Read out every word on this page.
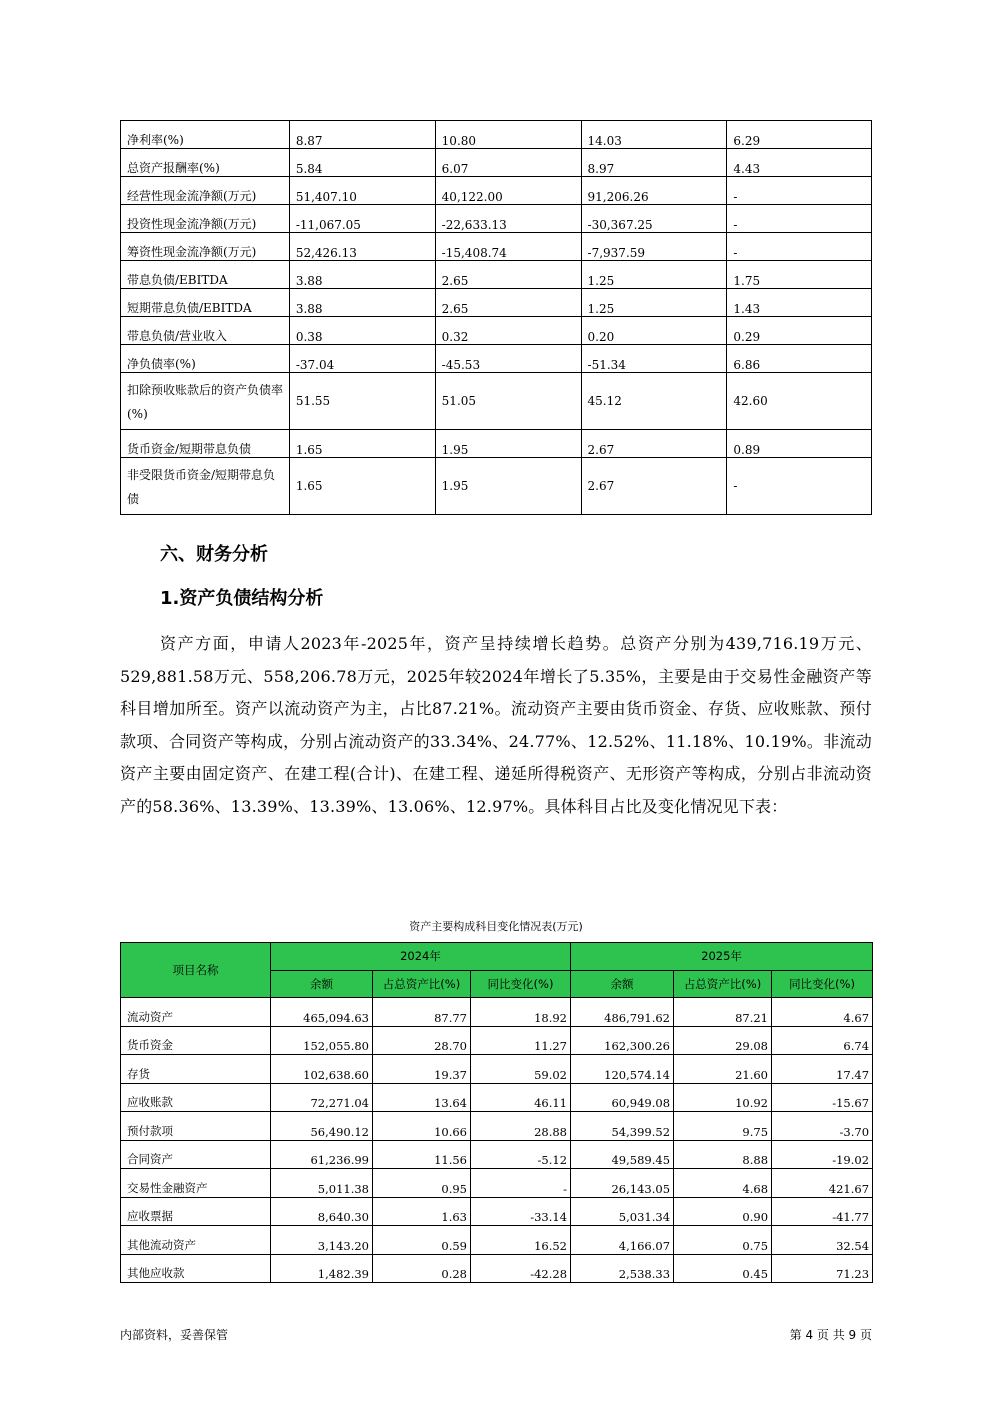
净利率(%)	8.87	10.80	14.03	6.29
总资产报酬率(%)	5.84	6.07	8.97	4.43
经营性现金流净额(万元)	51,407.10	40,122.00	91,206.26	-
投资性现金流净额(万元)	-11,067.05	-22,633.13	-30,367.25	-
筹资性现金流净额(万元)	52,426.13	-15,408.74	-7,937.59	-
带息负债/EBITDA	3.88	2.65	1.25	1.75
短期带息负债/EBITDA	3.88	2.65	1.25	1.43
带息负债/营业收入	0.38	0.32	0.20	0.29
净负债率(%)	-37.04	-45.53	-51.34	6.86
扣除预收账款后的资产负债率(%)	51.55	51.05	45.12	42.60
货币资金/短期带息负债	1.65	1.95	2.67	0.89
非受限货币资金/短期带息负债	1.65	1.95	2.67	-
六、财务分析
1.资产负债结构分析
资产方面，申请人2023年-2025年，资产呈持续增长趋势。总资产分别为439,716.19万元、529,881.58万元、558,206.78万元，2025年较2024年增长了5.35%，主要是由于交易性金融资产等科目增加所至。资产以流动资产为主，占比87.21%。流动资产主要由货币资金、存货、应收账款、预付款项、合同资产等构成，分别占流动资产的33.34%、24.77%、12.52%、11.18%、10.19%。非流动资产主要由固定资产、在建工程(合计)、在建工程、递延所得税资产、无形资产等构成，分别占非流动资产的58.36%、13.39%、13.39%、13.06%、12.97%。具体科目占比及变化情况见下表：
资产主要构成科目变化情况表(万元)
项目名称	2024年			2025年		
	余额	占总资产比(%)	同比变化(%)	余额	占总资产比(%)	同比变化(%)
流动资产	465,094.63	87.77	18.92	486,791.62	87.21	4.67
货币资金	152,055.80	28.70	11.27	162,300.26	29.08	6.74
存货	102,638.60	19.37	59.02	120,574.14	21.60	17.47
应收账款	72,271.04	13.64	46.11	60,949.08	10.92	-15.67
预付款项	56,490.12	10.66	28.88	54,399.52	9.75	-3.70
合同资产	61,236.99	11.56	-5.12	49,589.45	8.88	-19.02
交易性金融资产	5,011.38	0.95	-	26,143.05	4.68	421.67
应收票据	8,640.30	1.63	-33.14	5,031.34	0.90	-41.77
其他流动资产	3,143.20	0.59	16.52	4,166.07	0.75	32.54
其他应收款	1,482.39	0.28	-42.28	2,538.33	0.45	71.23
内部资料，妥善保管	第 4 页 共 9 页
